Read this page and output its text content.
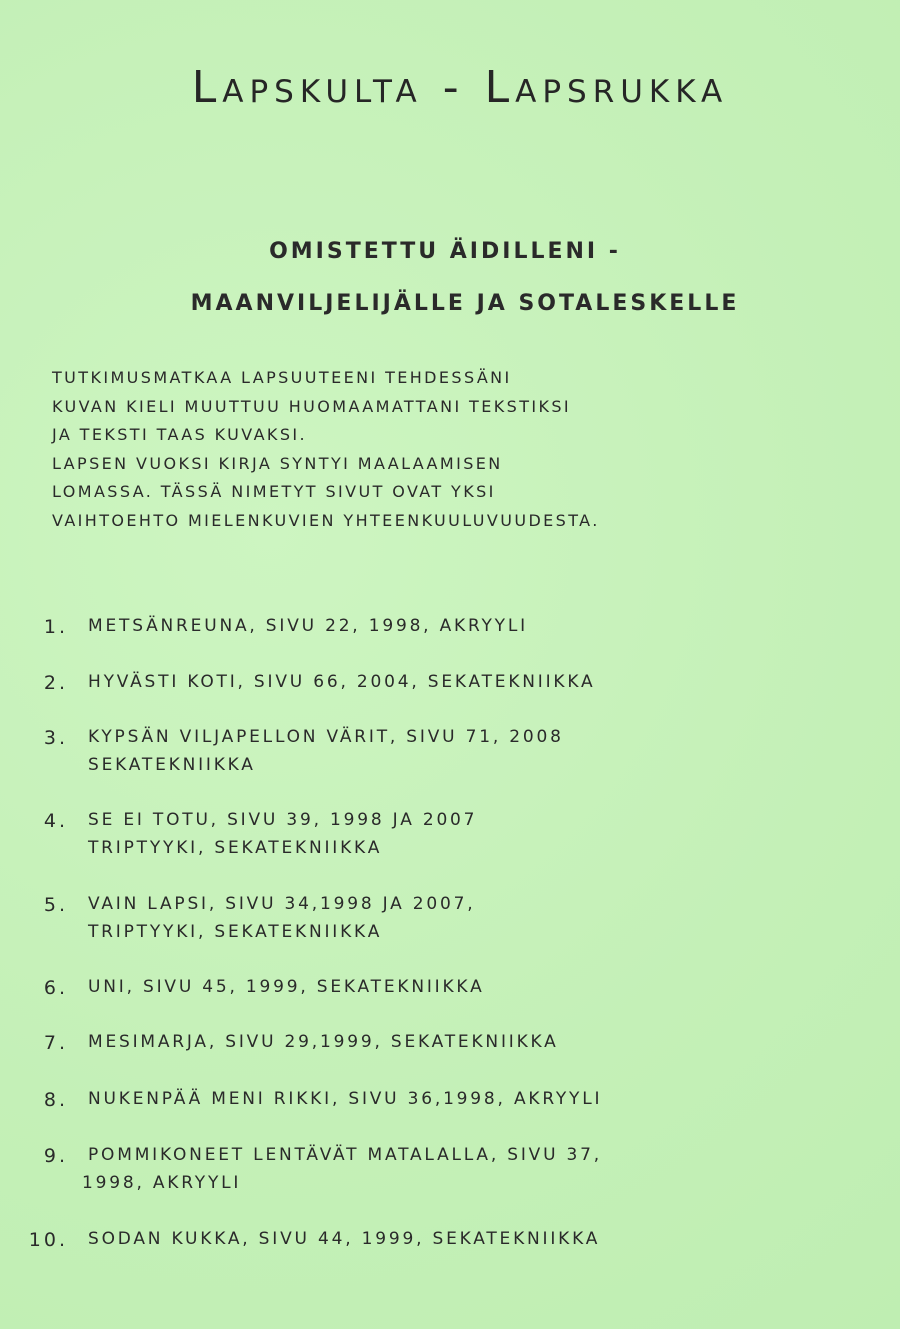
Lapskulta - Lapsrukka
OMISTETTU ÄIDILLENI -
MAANVILJELIJÄLLE JA SOTALESKELLE
TUTKIMUSMATKAA LAPSUUTEENI TEHDESSÄNI
KUVAN KIELI MUUTTUU HUOMAAMATTANI TEKSTIKSI
JA TEKSTI TAAS KUVAKSI.
LAPSEN VUOKSI KIRJA SYNTYI MAALAAMISEN
LOMASSA. TÄSSÄ NIMETYT SIVUT OVAT YKSI
VAIHTOEHTO MIELENKUVIEN YHTEENKUULUVUUDESTA.
1. METSÄNREUNA, SIVU 22, 1998, AKRYYLI
2. HYVÄSTI KOTI, SIVU 66, 2004, SEKATEKNIIKKA
3. KYPSÄN VILJAPELLON VÄRIT, SIVU 71, 2008
SEKATEKNIIKKA
4. SE EI TOTU, SIVU 39, 1998 JA 2007
TRIPTYYKI, SEKATEKNIIKKA
5. VAIN LAPSI, SIVU 34,1998 JA 2007,
TRIPTYYKI, SEKATEKNIIKKA
6. UNI, SIVU 45, 1999, SEKATEKNIIKKA
7. MESIMARJA, SIVU 29,1999, SEKATEKNIIKKA
8. NUKENPÄÄ MENI RIKKI, SIVU 36,1998, AKRYYLI
9. POMMIKONEET LENTÄVÄT MATALALLA, SIVU 37,
1998, AKRYYLI
10. SODAN KUKKA, SIVU 44, 1999, SEKATEKNIIKKA
